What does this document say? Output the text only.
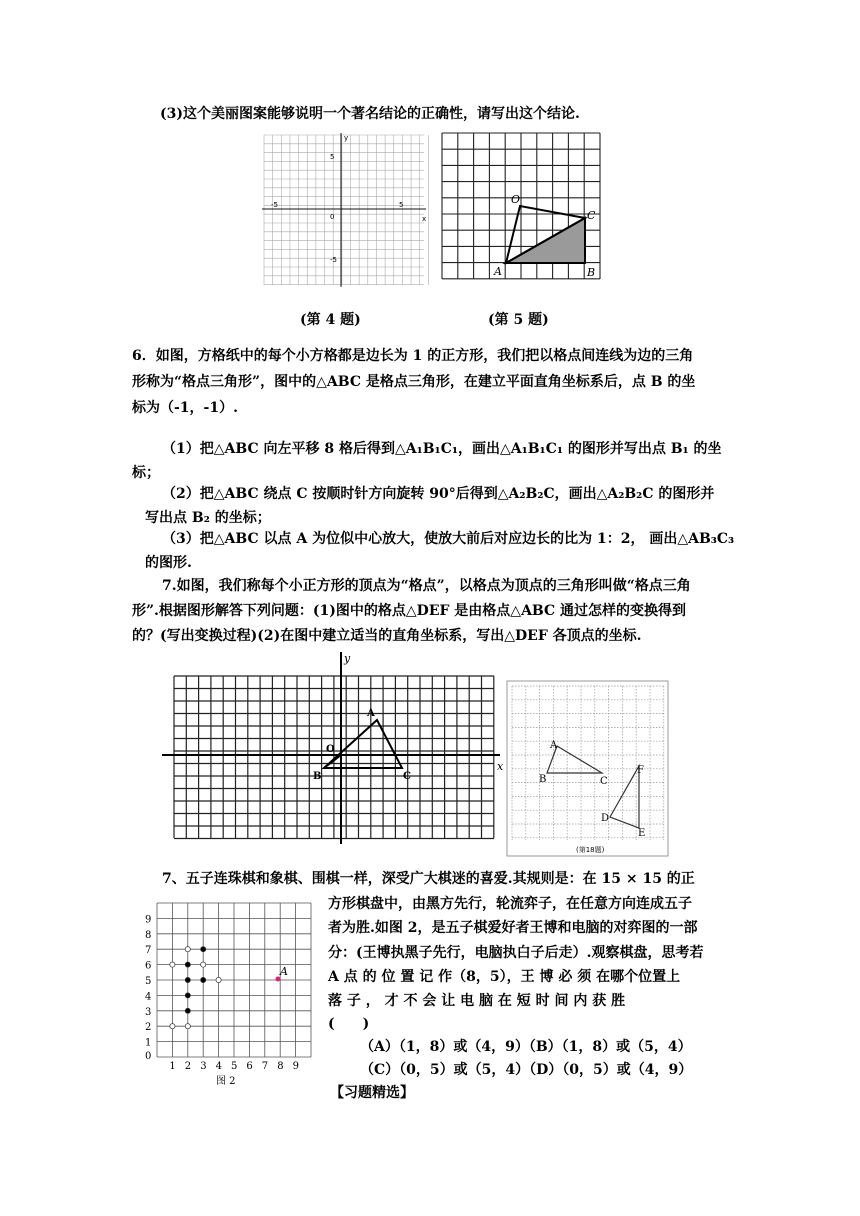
(3)这个美丽图案能够说明一个著名结论的正确性，请写出这个结论.
x
y
0
-5	5
5
-5
O
A	B
C
(第 4 题)	(第 5 题)
6．如图，方格纸中的每个小方格都是边长为 1 的正方形，我们把以格点间连线为边的三角
形称为“格点三角形”，图中的△ABC 是格点三角形，在建立平面直角坐标系后，点 B 的坐
标为（-1，-1）.
（1）把△ABC 向左平移 8 格后得到△A₁B₁C₁，画出△A₁B₁C₁ 的图形并写出点 B₁ 的坐
标；
（2）把△ABC 绕点 C 按顺时针方向旋转 90°后得到△A₂B₂C，画出△A₂B₂C 的图形并
写出点 B₂ 的坐标；
（3）把△ABC 以点 A 为位似中心放大，使放大前后对应边长的比为 1：2， 画出△AB₃C₃
的图形.
7.如图，我们称每个小正方形的顶点为“格点”，以格点为顶点的三角形叫做“格点三角
形”.根据图形解答下列问题：(1)图中的格点△DEF 是由格点△ABC 通过怎样的变换得到
的？(写出变换过程)(2)在图中建立适当的直角坐标系，写出△DEF 各顶点的坐标.
y
x
O
A
B	C
A
B	C
D
E
F
(第18题)
7、五子连珠棋和象棋、围棋一样，深受广大棋迷的喜爱.其规则是：在 15 × 15 的正
方形棋盘中，由黑方先行，轮流弈子，在任意方向连成五子
者为胜.如图 2，是五子棋爱好者王博和电脑的对弈图的一部
分：(王博执黑子先行，电脑执白子后走）.观察棋盘，思考若
A 点 的 位 置 记 作（8，5），王 博 必 须 在哪个位置上
落 子 ， 才 不 会 让 电 脑 在 短 时 间 内 获 胜
(　　)
（A）（1，8）或（4，9）（B）（1，8）或（5，4）
（C）（0，5）或（5，4）（D）（0，5）或（4，9）
【习题精选】
1 2 3 4 5 6 7 8 9
9
8
7
6
5
4
3
2
1
A
0
图 2
